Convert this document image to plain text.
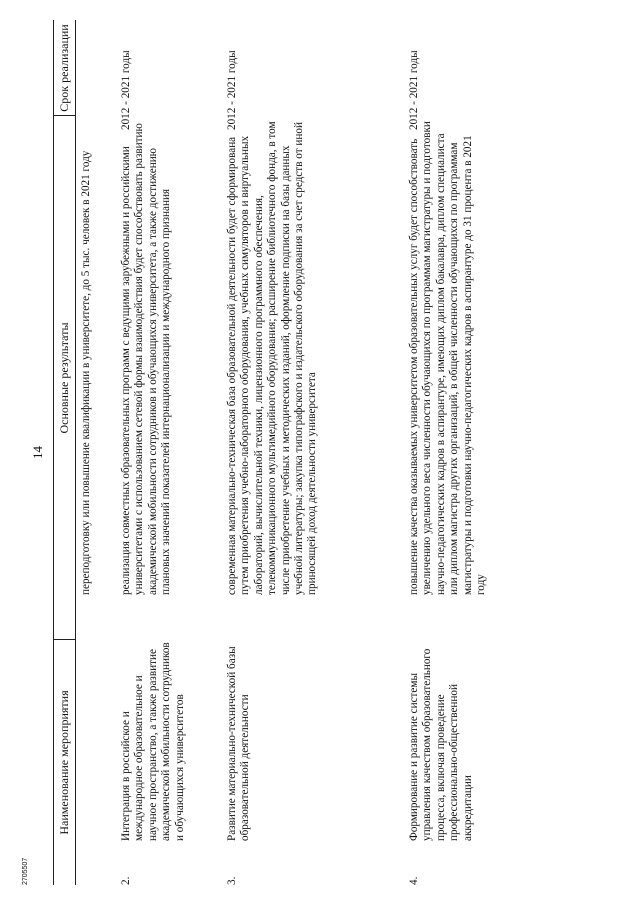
2705507
14
Наименование мероприятия
Основные результаты
Срок реализации
переподготовку или повышение квалификации в университете, до 5 тыс. человек в 2021 году
2.
Интеграция в российское и международное образовательное и научное пространство, а также развитие академической мобильности сотрудников и обучающихся университетов
реализация совместных образовательных программ с ведущими зарубежными и российскими университетами с использованием сетевой формы взаимодействия будет способствовать развитию академической мобильности сотрудников и обучающихся университета, а также достижению плановых значений показателей интернационализации и международного признания
2012 - 2021 годы
3.
Развитие материально-технической базы образовательной деятельности
современная материально-техническая база образовательной деятельности будет сформирована путем приобретения учебно-лабораторного оборудования, учебных симуляторов и виртуальных лабораторий, вычислительной техники, лицензионного программного обеспечения, телекоммуникационного мультимедийного оборудования; расширение библиотечного фонда, в том числе приобретение учебных и методических изданий, оформление подписки на базы данных учебной литературы; закупка типографского и издательского оборудования за счет средств от иной приносящей доход деятельности университета
2012 - 2021 годы
4.
Формирование и развитие системы управления качеством образовательного процесса, включая проведение профессионально-общественной аккредитации
повышение качества оказываемых университетом образовательных услуг будет способствовать увеличению удельного веса численности обучающихся по программам магистратуры и подготовки научно-педагогических кадров в аспирантуре, имеющих диплом бакалавра, диплом специалиста или диплом магистра других организаций, в общей численности обучающихся по программам магистратуры и подготовки научно-педагогических кадров в аспирантуре до 31 процента в 2021 году
2012 - 2021 годы
